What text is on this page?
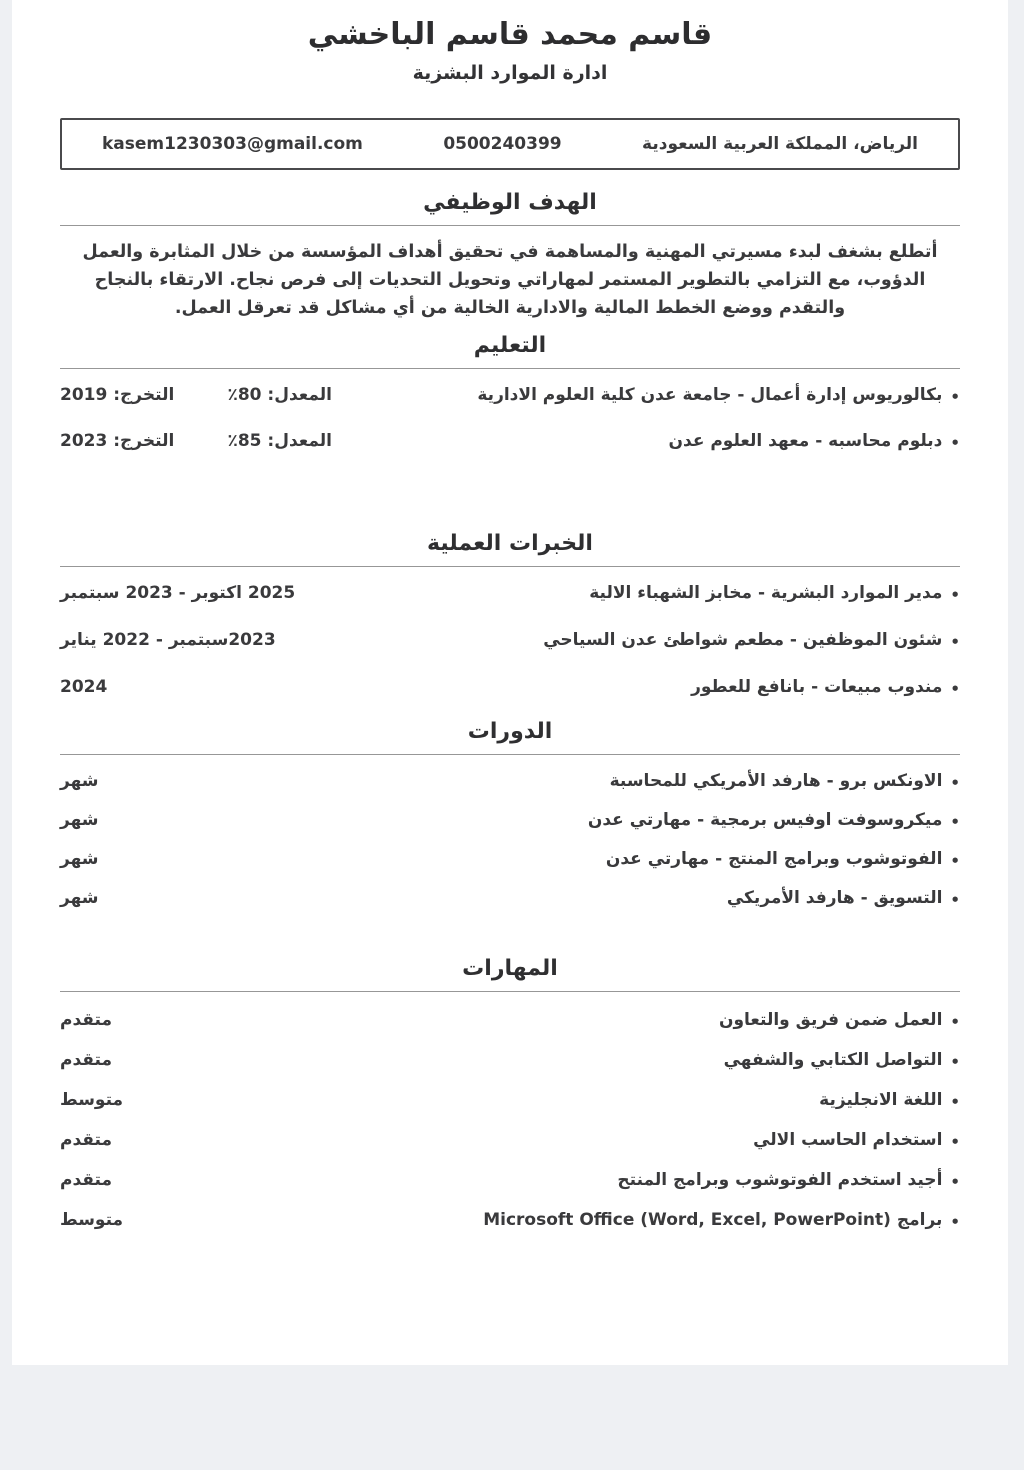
قاسم محمد قاسم الباخشي
ادارة الموارد البشزية
الرياض، المملكة العربية السعودية
0500240399
kasem1230303@gmail.com
الهدف الوظيفي
أتطلع بشغف لبدء مسيرتي المهنية والمساهمة في تحقيق أهداف المؤسسة من خلال المثابرة والعمل الدؤوب، مع التزامي بالتطوير المستمر لمهاراتي وتحويل التحديات إلى فرص نجاح. الارتقاء بالنجاح والتقدم ووضع الخطط المالية والادارية الخالية من أي مشاكل قد تعرقل العمل.
التعليم
•
بكالوريوس إدارة أعمال - جامعة عدن كلية العلوم الادارية
المعدل: 80٪
التخرج: 2019
•
دبلوم محاسبه - معهد العلوم عدن
المعدل: 85٪
التخرج: 2023
الخبرات العملية
•
مدير الموارد البشرية - مخابز الشهباء الالية
2025 اكتوبر - 2023 سبتمبر
•
شئون الموظفين - مطعم شواطئ عدن السياحي
2023سبتمبر - 2022 يناير
•
مندوب مبيعات - بانافع للعطور
2024
الدورات
•
الاونكس برو - هارفد الأمريكي للمحاسبة
شهر
•
ميكروسوفت اوفيس برمجية - مهارتي عدن
شهر
•
الفوتوشوب وبرامج المنتج - مهارتي عدن
شهر
•
التسويق - هارفد الأمريكي
شهر
المهارات
•
العمل ضمن فريق والتعاون
متقدم
•
التواصل الكتابي والشفهي
متقدم
•
اللغة الانجليزية
متوسط
•
استخدام الحاسب الالي
متقدم
•
أجيد استخدم الفوتوشوب وبرامج المنتح
متقدم
•
برامج Microsoft Office (Word, Excel, PowerPoint)
متوسط
